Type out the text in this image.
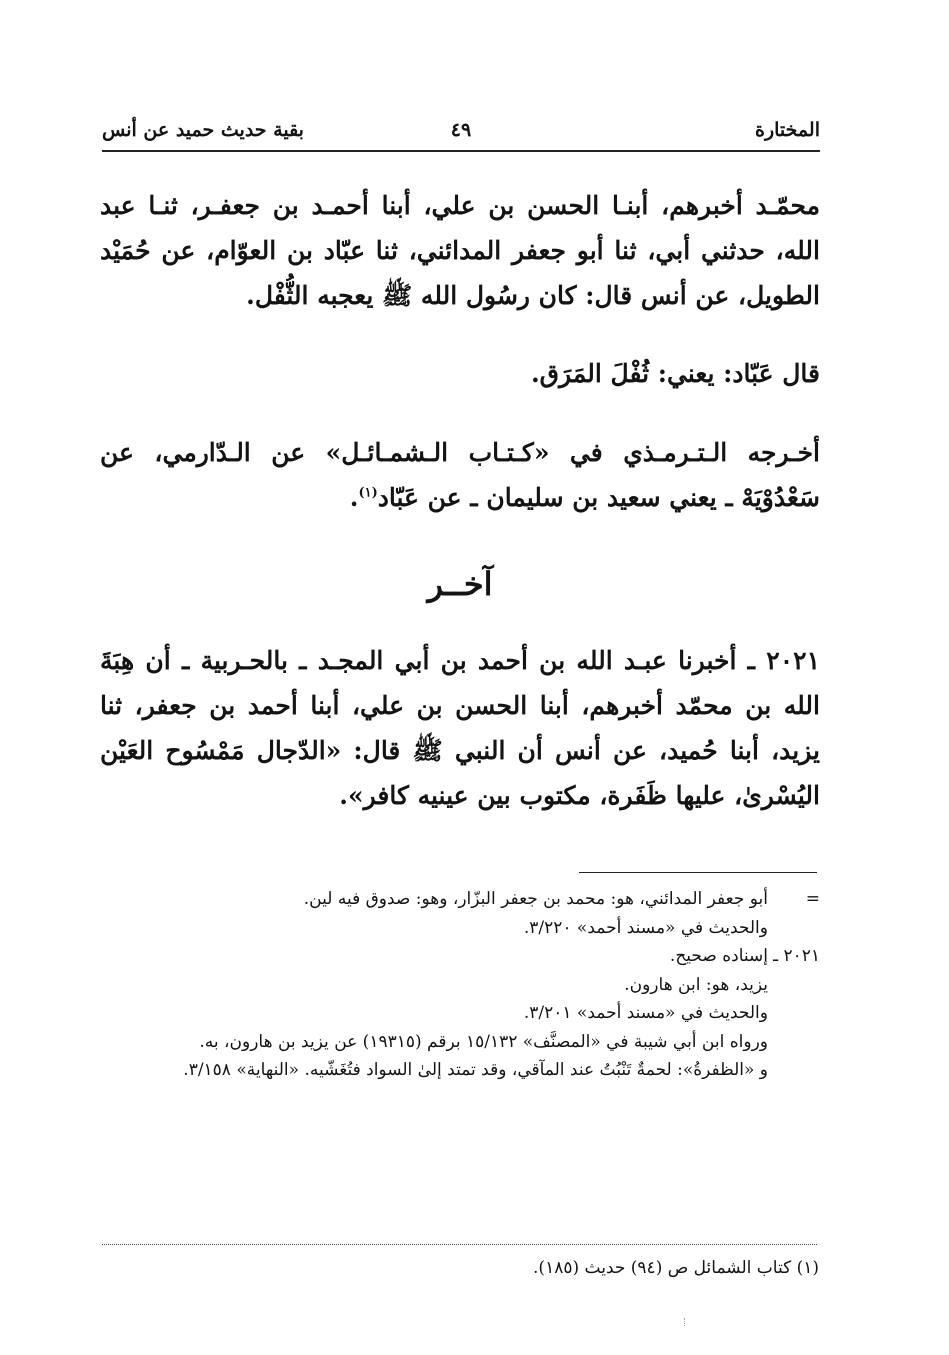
المختارة
٤٩
بقية حديث حميد عن أنس
محمّـد أخبرهم، أبنـا الحسن بن علي، أبنا أحمـد بن جعفـر، ثنـا عبد الله، حدثني أبي، ثنا أبو جعفر المدائني، ثنا عبّاد بن العوّام، عن حُمَيْد الطويل، عن أنس قال: كان رسُول الله ﷺ يعجبه الثُّفْل.
قال عَبّاد: يعني: ثُفْلَ المَرَق.
أخـرجه الـتـرمـذي في «كـتـاب الـشمـائـل» عن الـدّارمي، عن سَعْدُوْيَهْ ـ يعني سعيد بن سليمان ـ عن عَبّاد$^{(١)}$.
آخــر
٢٠٢١ ـ أخبرنا عبـد الله بن أحمد بن أبي المجـد ـ بالحـربية ـ أن هِبَةَ الله بن محمّد أخبرهم، أبنا الحسن بن علي، أبنا أحمد بن جعفر، ثنا يزيد، أبنا حُميد، عن أنس أن النبي ﷺ قال: «الدّجال مَمْسُوح العَيْن اليُسْرىٰ، عليها ظَفَرة، مكتوب بين عينيه كافر».
=
أبو جعفر المدائني، هو: محمد بن جعفر البزّار، وهو: صدوق فيه لين.
والحديث في «مسند أحمد» ٣/٢٢٠.
٢٠٢١ ـ
إسناده صحيح.
يزيد، هو: ابن هارون.
والحديث في «مسند أحمد» ٣/٢٠١.
ورواه ابن أبي شيبة في «المصنَّف» ١٥/١٣٢ برقم (١٩٣١٥) عن يزيد بن هارون، به.
و «الظفرةُ»: لحمةٌ تَنْبُتُ عند المآقي، وقد تمتد إلىٰ السواد فتُغَشّيه. «النهاية» ٣/١٥٨.
(١) كتاب الشمائل ص (٩٤) حديث (١٨٥).
